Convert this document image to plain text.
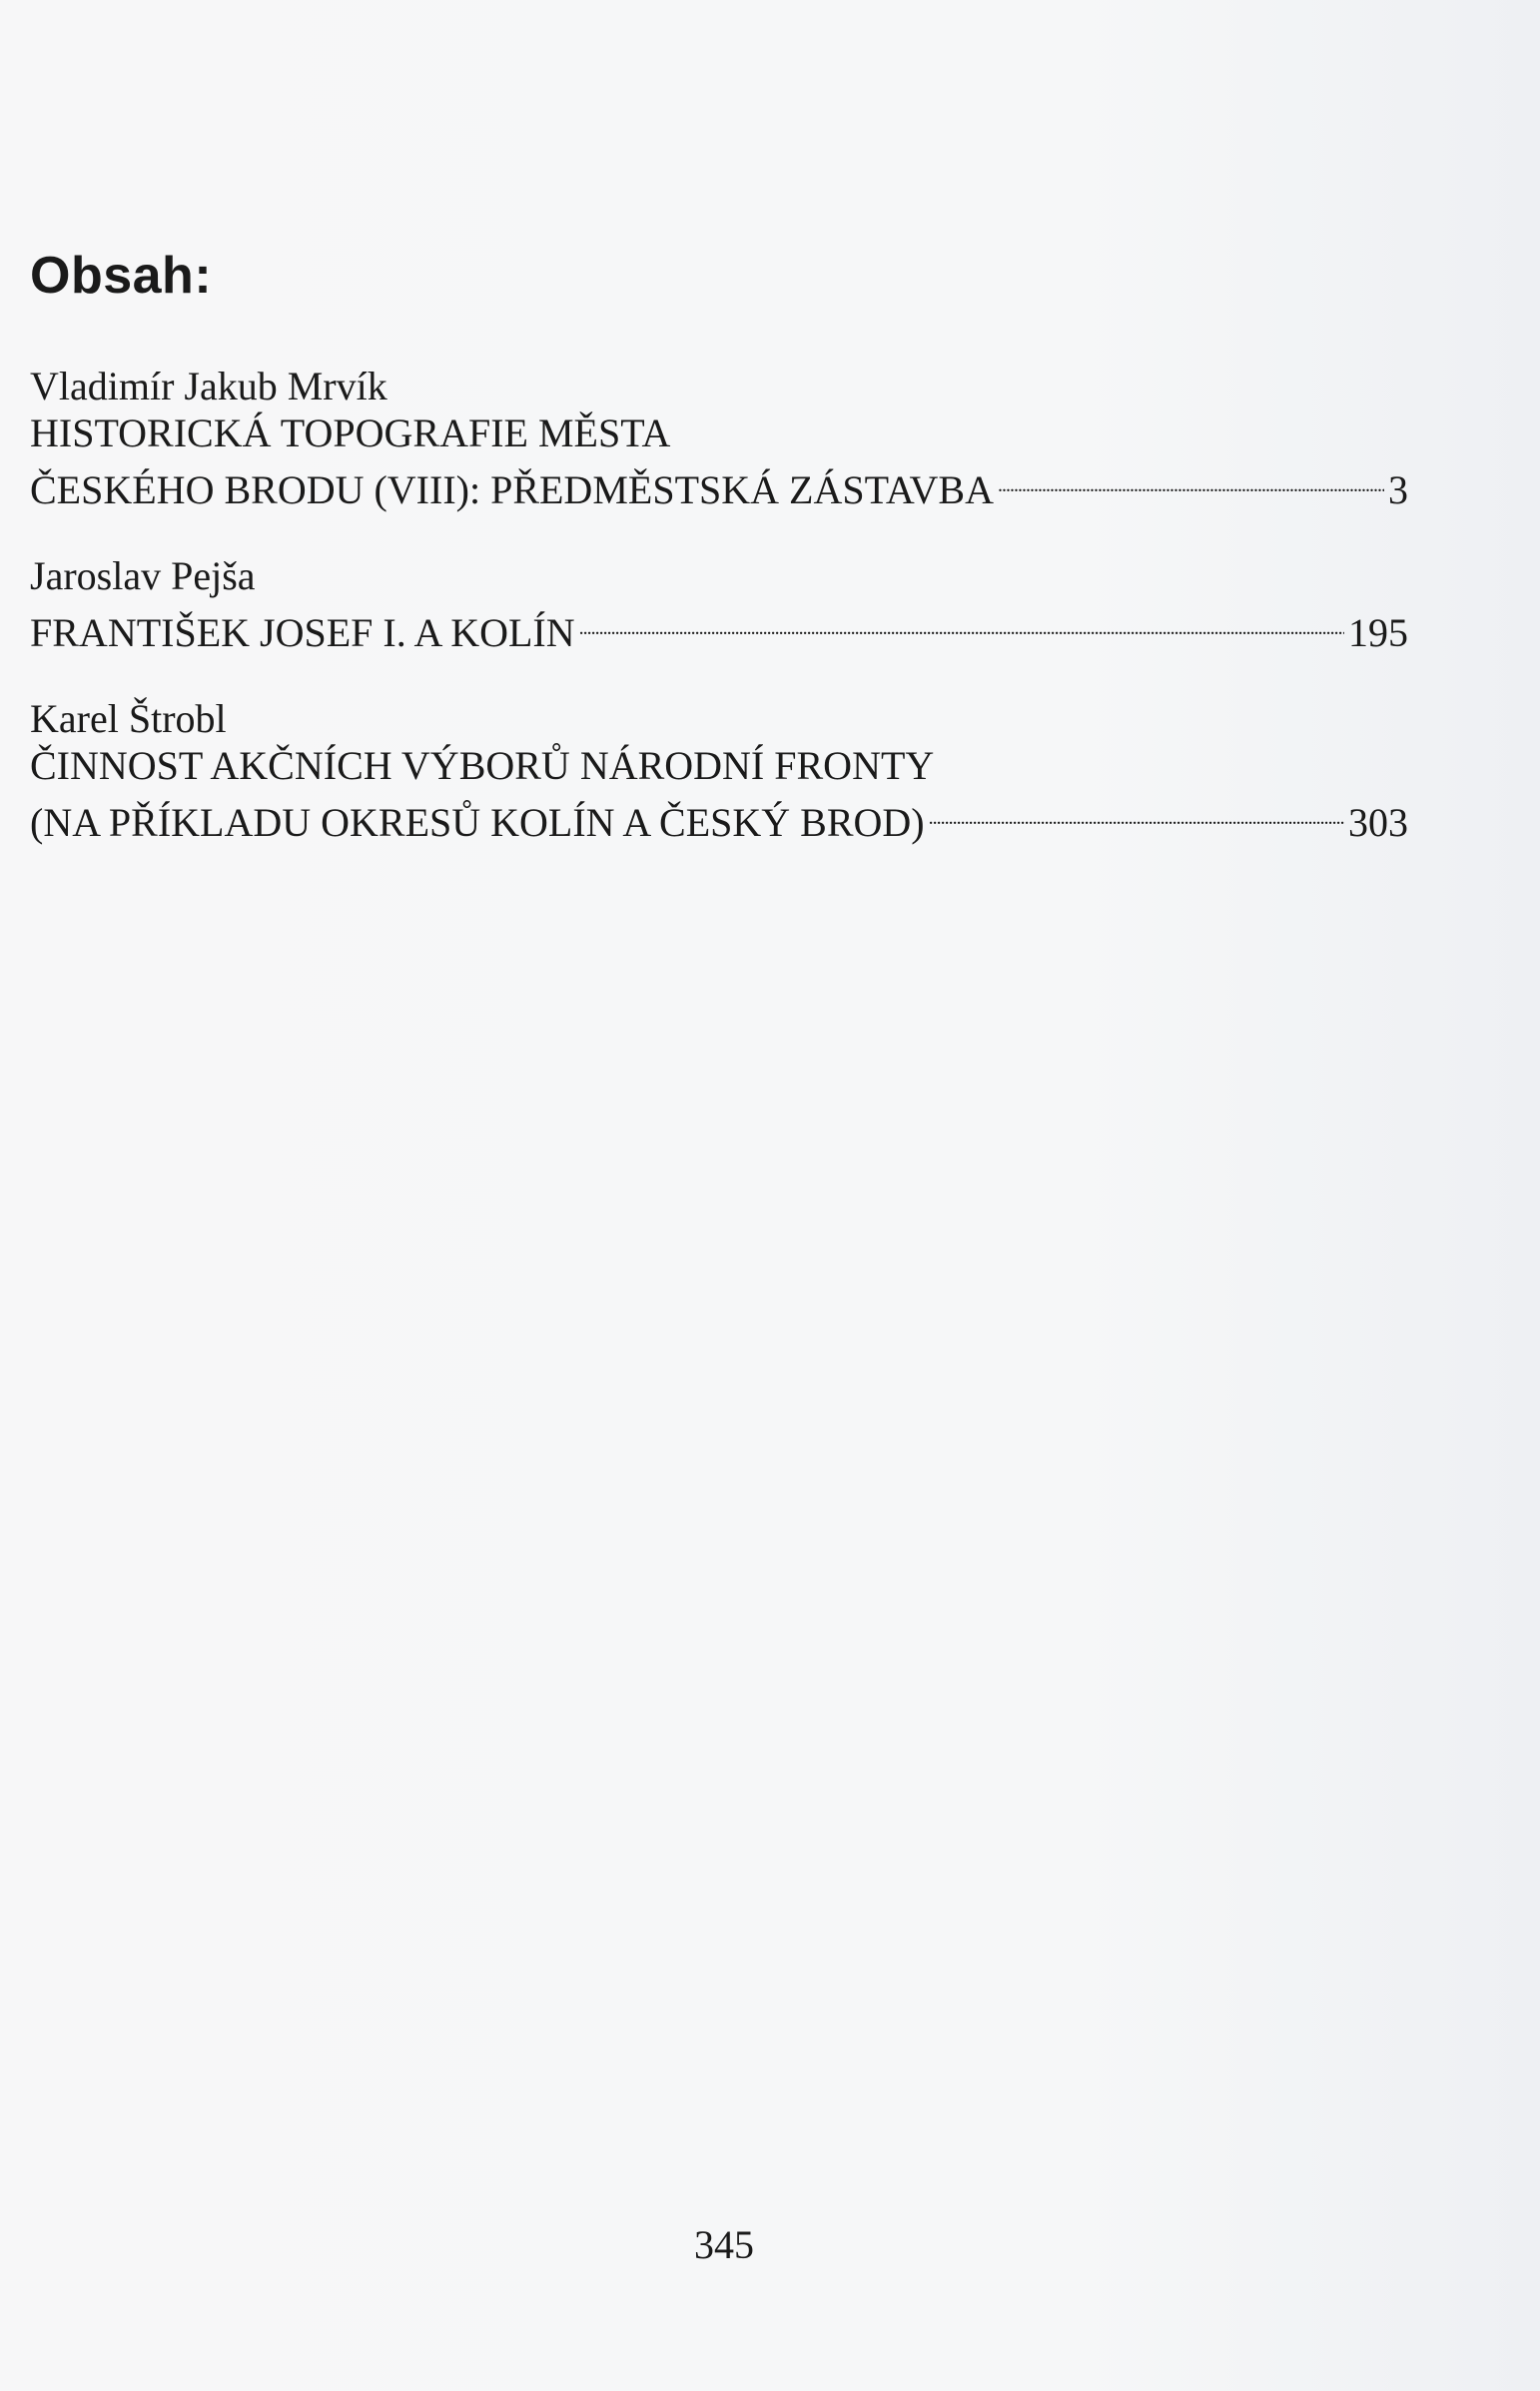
Obsah:
Vladimír Jakub Mrvík
HISTORICKÁ TOPOGRAFIE MĚSTA
ČESKÉHO BRODU (VIII): PŘEDMĚSTSKÁ ZÁSTAVBA . . .	3
Jaroslav Pejša
FRANTIŠEK JOSEF I. A KOLÍN . . .	195
Karel Štrobl
ČINNOST AKČNÍCH VÝBORŮ NÁRODNÍ FRONTY
(NA PŘÍKLADU OKRESŮ KOLÍN A ČESKÝ BROD) . . .	303
345
